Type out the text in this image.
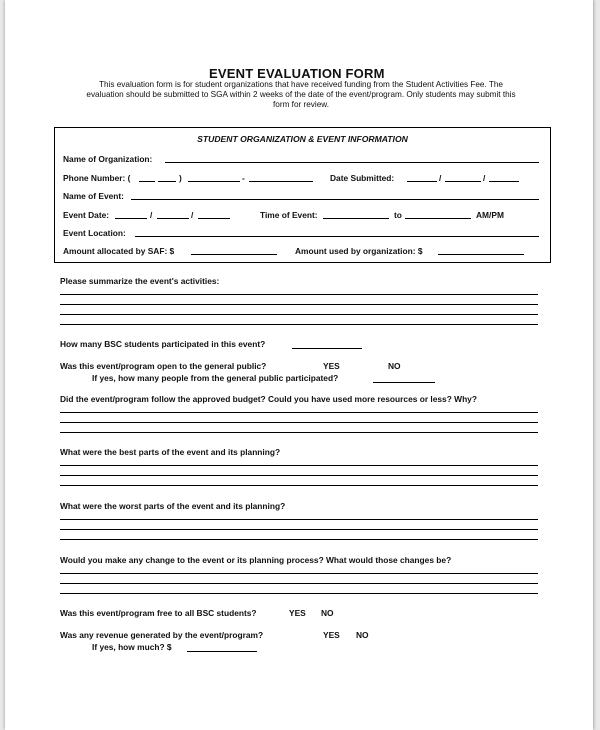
EVENT EVALUATION FORM
This evaluation form is for student organizations that have received funding from the Student Activities Fee. The
evaluation should be submitted to SGA within 2 weeks of the date of the event/program. Only students may submit this
form for review.
STUDENT ORGANIZATION & EVENT INFORMATION
Name of Organization:
Phone Number: (	)	-	Date Submitted:	/	/
Name of Event:
Event Date:	/	/	Time of Event:	to	AM/PM
Event Location:
Amount allocated by SAF: $	Amount used by organization: $
Please summarize the event's activities:
How many BSC students participated in this event?
Was this event/program open to the general public?	YES	NO
If yes, how many people from the general public participated?
Did the event/program follow the approved budget? Could you have used more resources or less? Why?
What were the best parts of the event and its planning?
What were the worst parts of the event and its planning?
Would you make any change to the event or its planning process? What would those changes be?
Was this event/program free to all BSC students?	YES NO
Was any revenue generated by the event/program?	YES NO
If yes, how much? $
